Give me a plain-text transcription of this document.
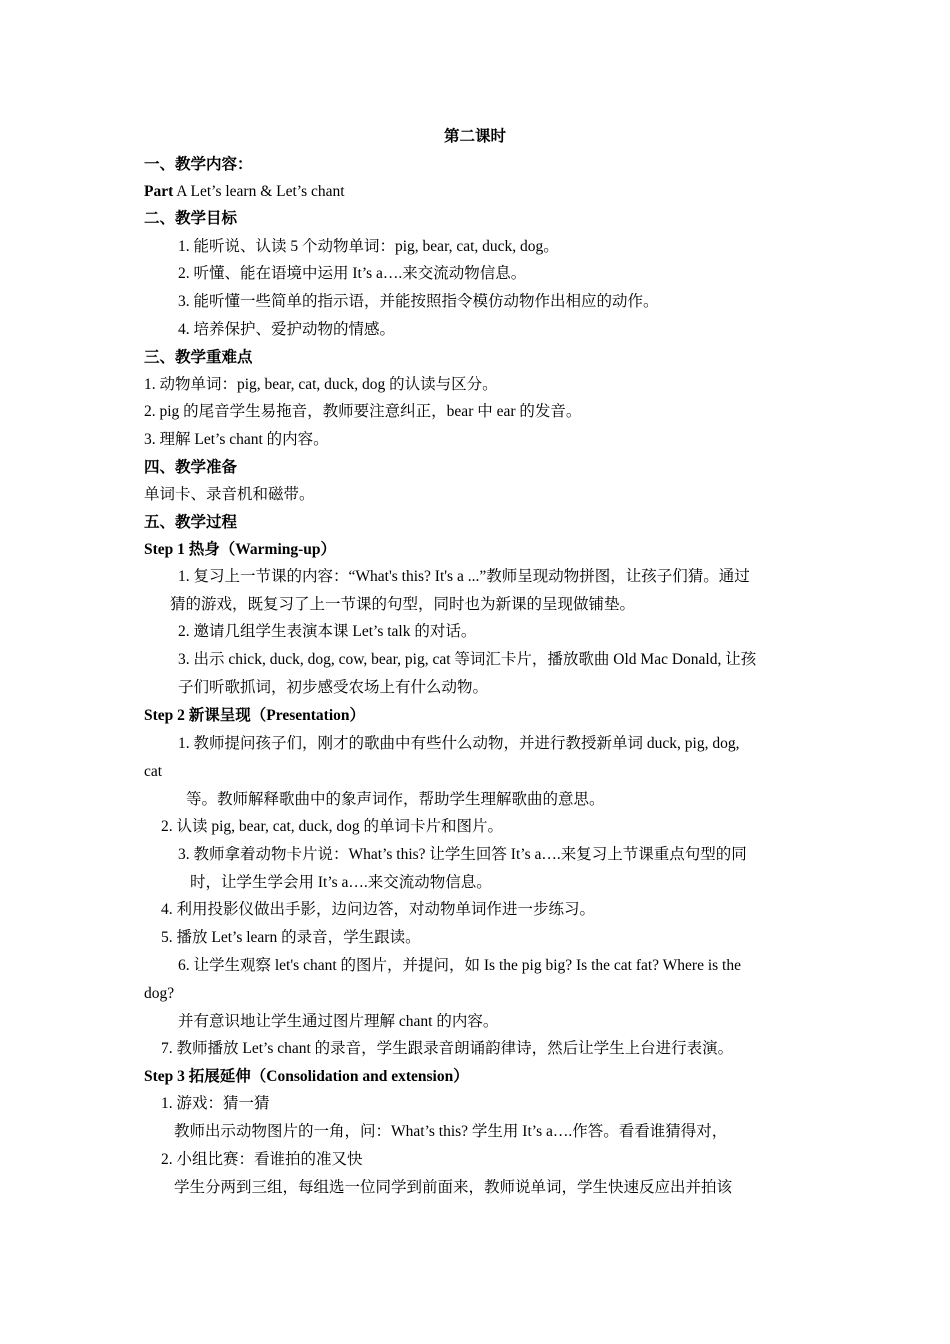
第二课时
一、教学内容：
Part A Let’s learn & Let’s chant
二、教学目标
1. 能听说、认读 5 个动物单词：pig, bear, cat, duck, dog。
2. 听懂、能在语境中运用 It’s a….来交流动物信息。
3. 能听懂一些简单的指示语，并能按照指令模仿动物作出相应的动作。
4. 培养保护、爱护动物的情感。
三、教学重难点
1. 动物单词：pig, bear, cat, duck, dog 的认读与区分。
2. pig 的尾音学生易拖音，教师要注意纠正，bear 中 ear 的发音。
3. 理解 Let’s chant 的内容。
四、教学准备
单词卡、录音机和磁带。
五、教学过程
Step 1 热身（Warming-up）
1. 复习上一节课的内容：“What's this? It's a ...”教师呈现动物拼图，让孩子们猜。通过
猜的游戏，既复习了上一节课的句型，同时也为新课的呈现做铺垫。
2. 邀请几组学生表演本课 Let’s talk 的对话。
3. 出示 chick, duck, dog, cow, bear, pig, cat 等词汇卡片，播放歌曲 Old Mac Donald, 让孩
子们听歌抓词，初步感受农场上有什么动物。
Step 2 新课呈现（Presentation）
1. 教师提问孩子们，刚才的歌曲中有些什么动物，并进行教授新单词 duck, pig, dog,
cat
等。教师解释歌曲中的象声词作，帮助学生理解歌曲的意思。
2. 认读 pig, bear, cat, duck, dog 的单词卡片和图片。
3. 教师拿着动物卡片说：What’s this? 让学生回答 It’s a….来复习上节课重点句型的同
时，让学生学会用 It’s a….来交流动物信息。
4. 利用投影仪做出手影，边问边答，对动物单词作进一步练习。
5. 播放 Let’s learn 的录音，学生跟读。
6. 让学生观察 let's chant 的图片，并提问，如 Is the pig big? Is the cat fat? Where is the
dog?
并有意识地让学生通过图片理解 chant 的内容。
7. 教师播放 Let’s chant 的录音，学生跟录音朗诵韵律诗，然后让学生上台进行表演。
Step 3 拓展延伸（Consolidation and extension）
1. 游戏：猜一猜
教师出示动物图片的一角，问：What’s this? 学生用 It’s a….作答。看看谁猜得对，
2. 小组比赛：看谁拍的准又快
学生分两到三组，每组选一位同学到前面来，教师说单词，学生快速反应出并拍该
